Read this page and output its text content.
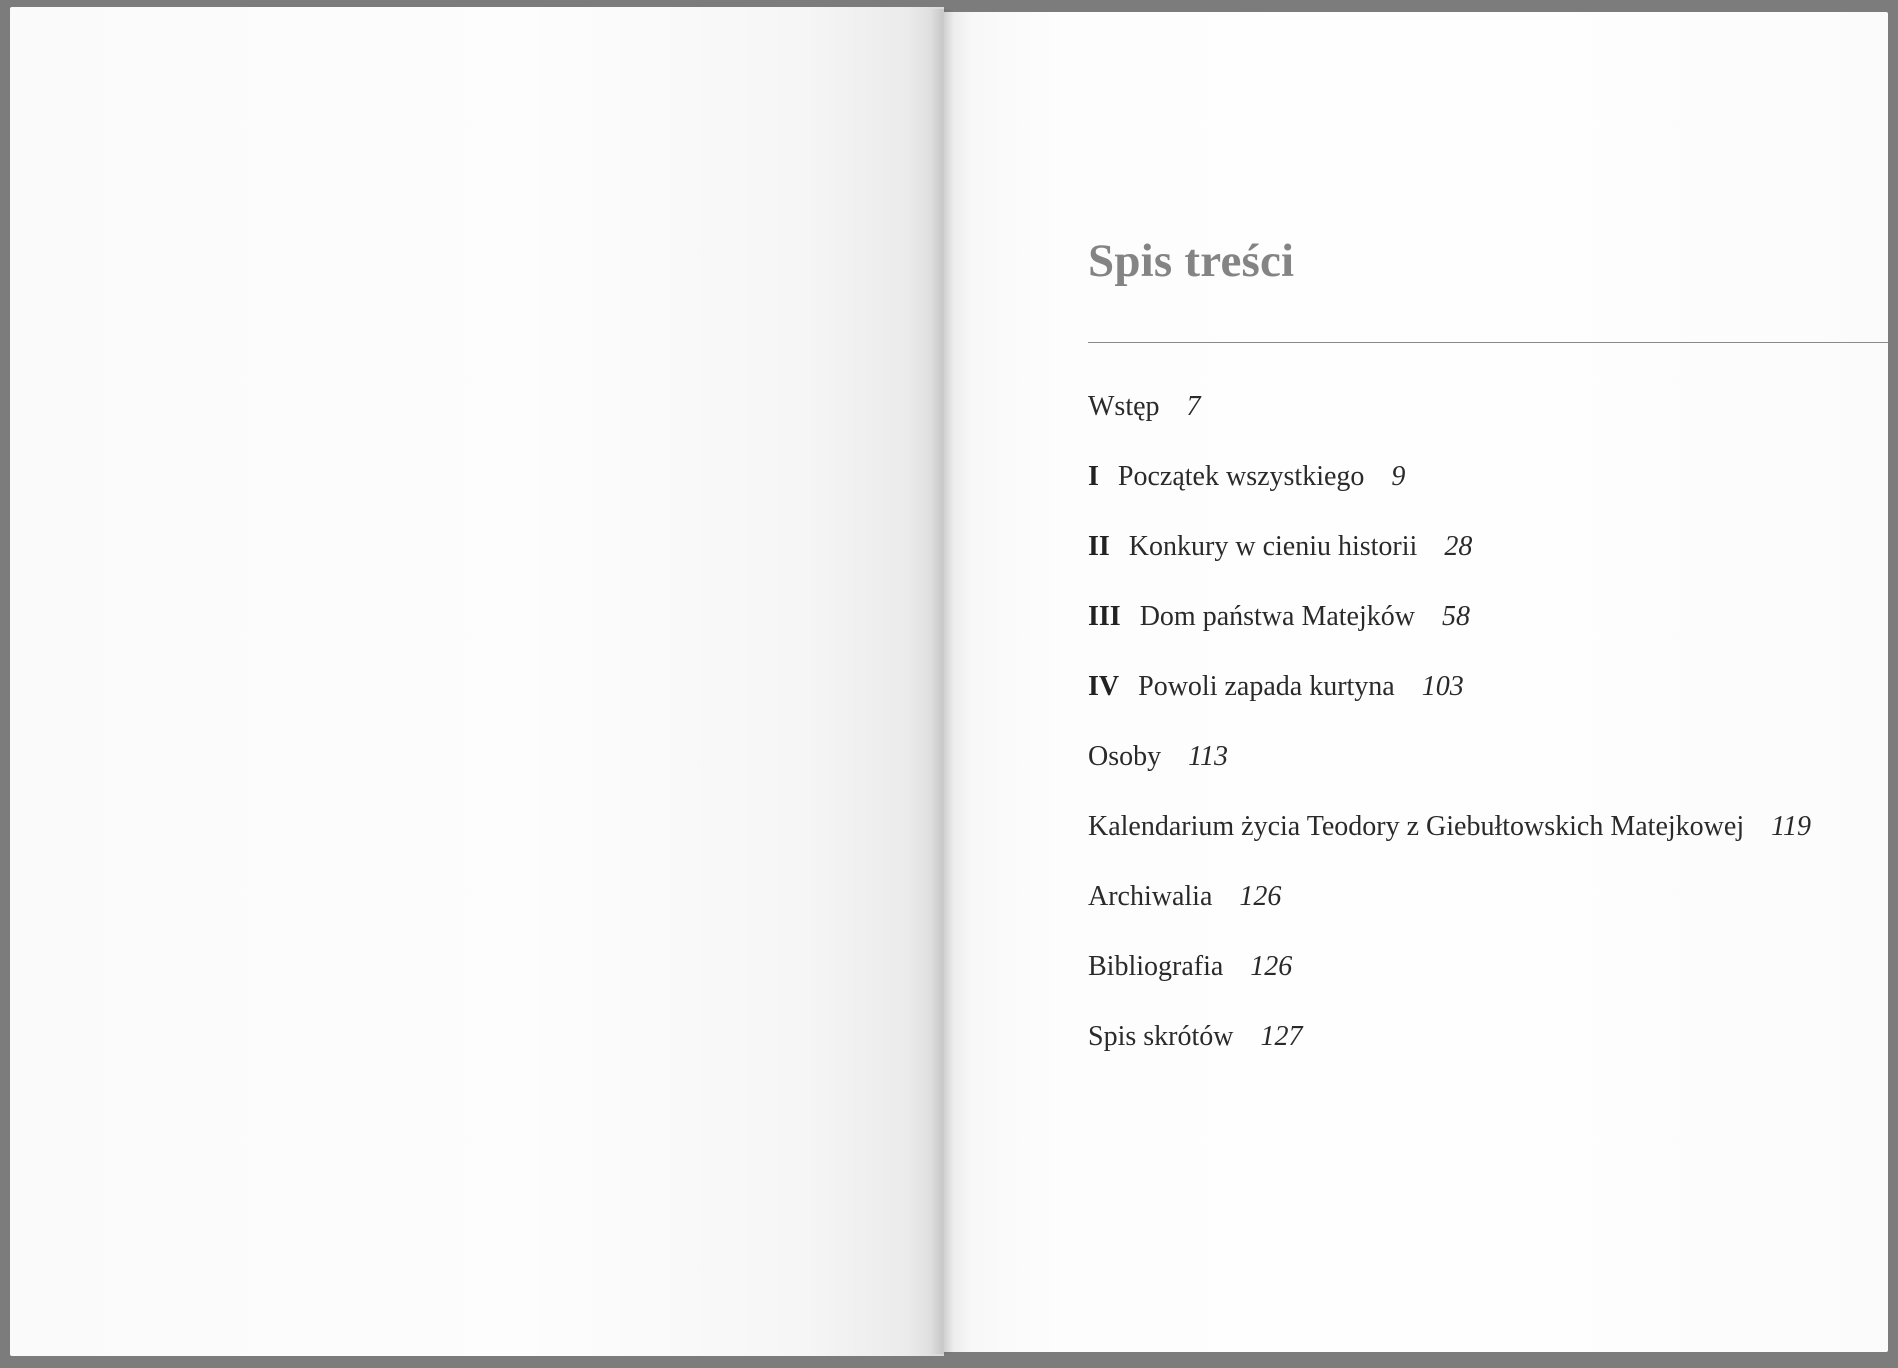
Spis treści
Wstęp 7
I Początek wszystkiego 9
II Konkury w cieniu historii 28
III Dom państwa Matejków 58
IV Powoli zapada kurtyna 103
Osoby 113
Kalendarium życia Teodory z Giebułtowskich Matejkowej 119
Archiwalia 126
Bibliografia 126
Spis skrótów 127
